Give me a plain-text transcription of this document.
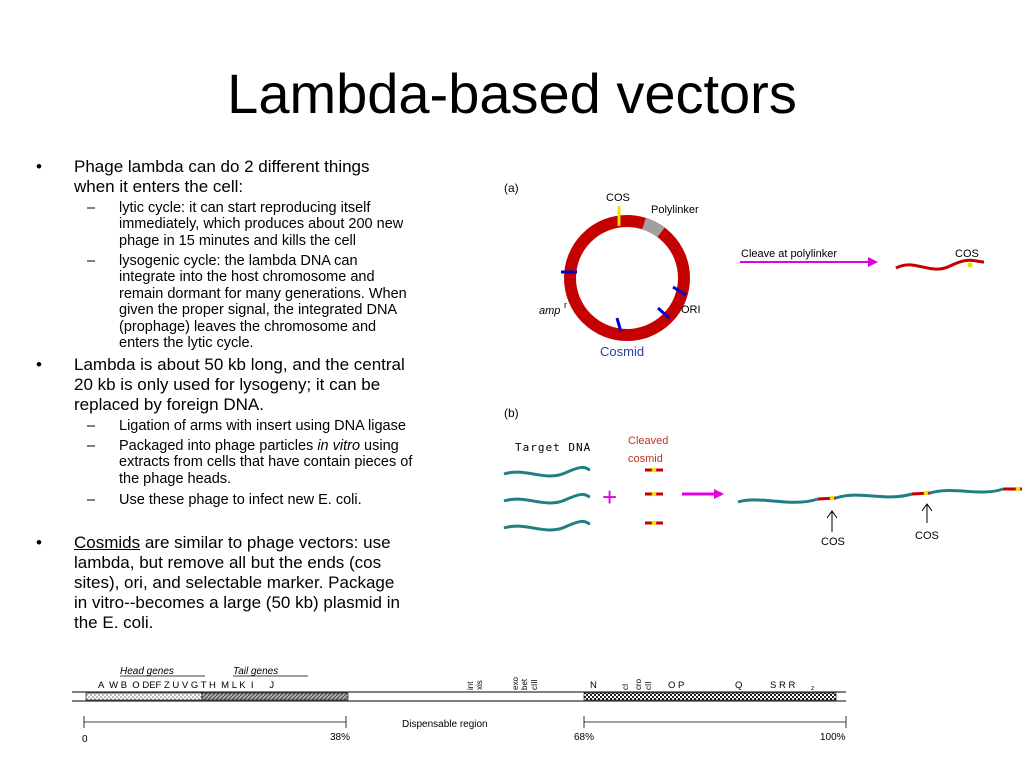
Lambda-based vectors
• Phage lambda can do 2 different things
when it enters the cell:
– lytic cycle: it can start reproducing itself
immediately, which produces about 200 new
phage in 15 minutes and kills the cell
– lysogenic cycle: the lambda DNA can
integrate into the host chromosome and
remain dormant for many generations. When
given the proper signal, the integrated DNA
(prophage) leaves the chromosome and
enters the lytic cycle.
• Lambda is about 50 kb long, and the central
20 kb is only used for lysogeny; it can be
replaced by foreign DNA.
– Ligation of arms with insert using DNA ligase
– Packaged into phage particles in vitro using
extracts from cells that have contain pieces of
the phage heads.
– Use these phage to infect new E. coli.
• Cosmids are similar to phage vectors: use
lambda, but remove all but the ends (cos
sites), ori, and selectable marker. Package
in vitro--becomes a large (50 kb) plasmid in
the E. coli.
(a)
COS
Polylinker
amp r	ORI
Cosmid
Cleave at polylinker	COS
(b)
Target DNA	Cleaved
cosmid
+
COS	COS
Head genes	Tail genes
A  W B  O DEF Z U V G T H  M L K  I      J	int xis	exo bet cIII	N	cI cro cII O P	Q	S R R z
Dispensable region
0	38%	68%	100%
